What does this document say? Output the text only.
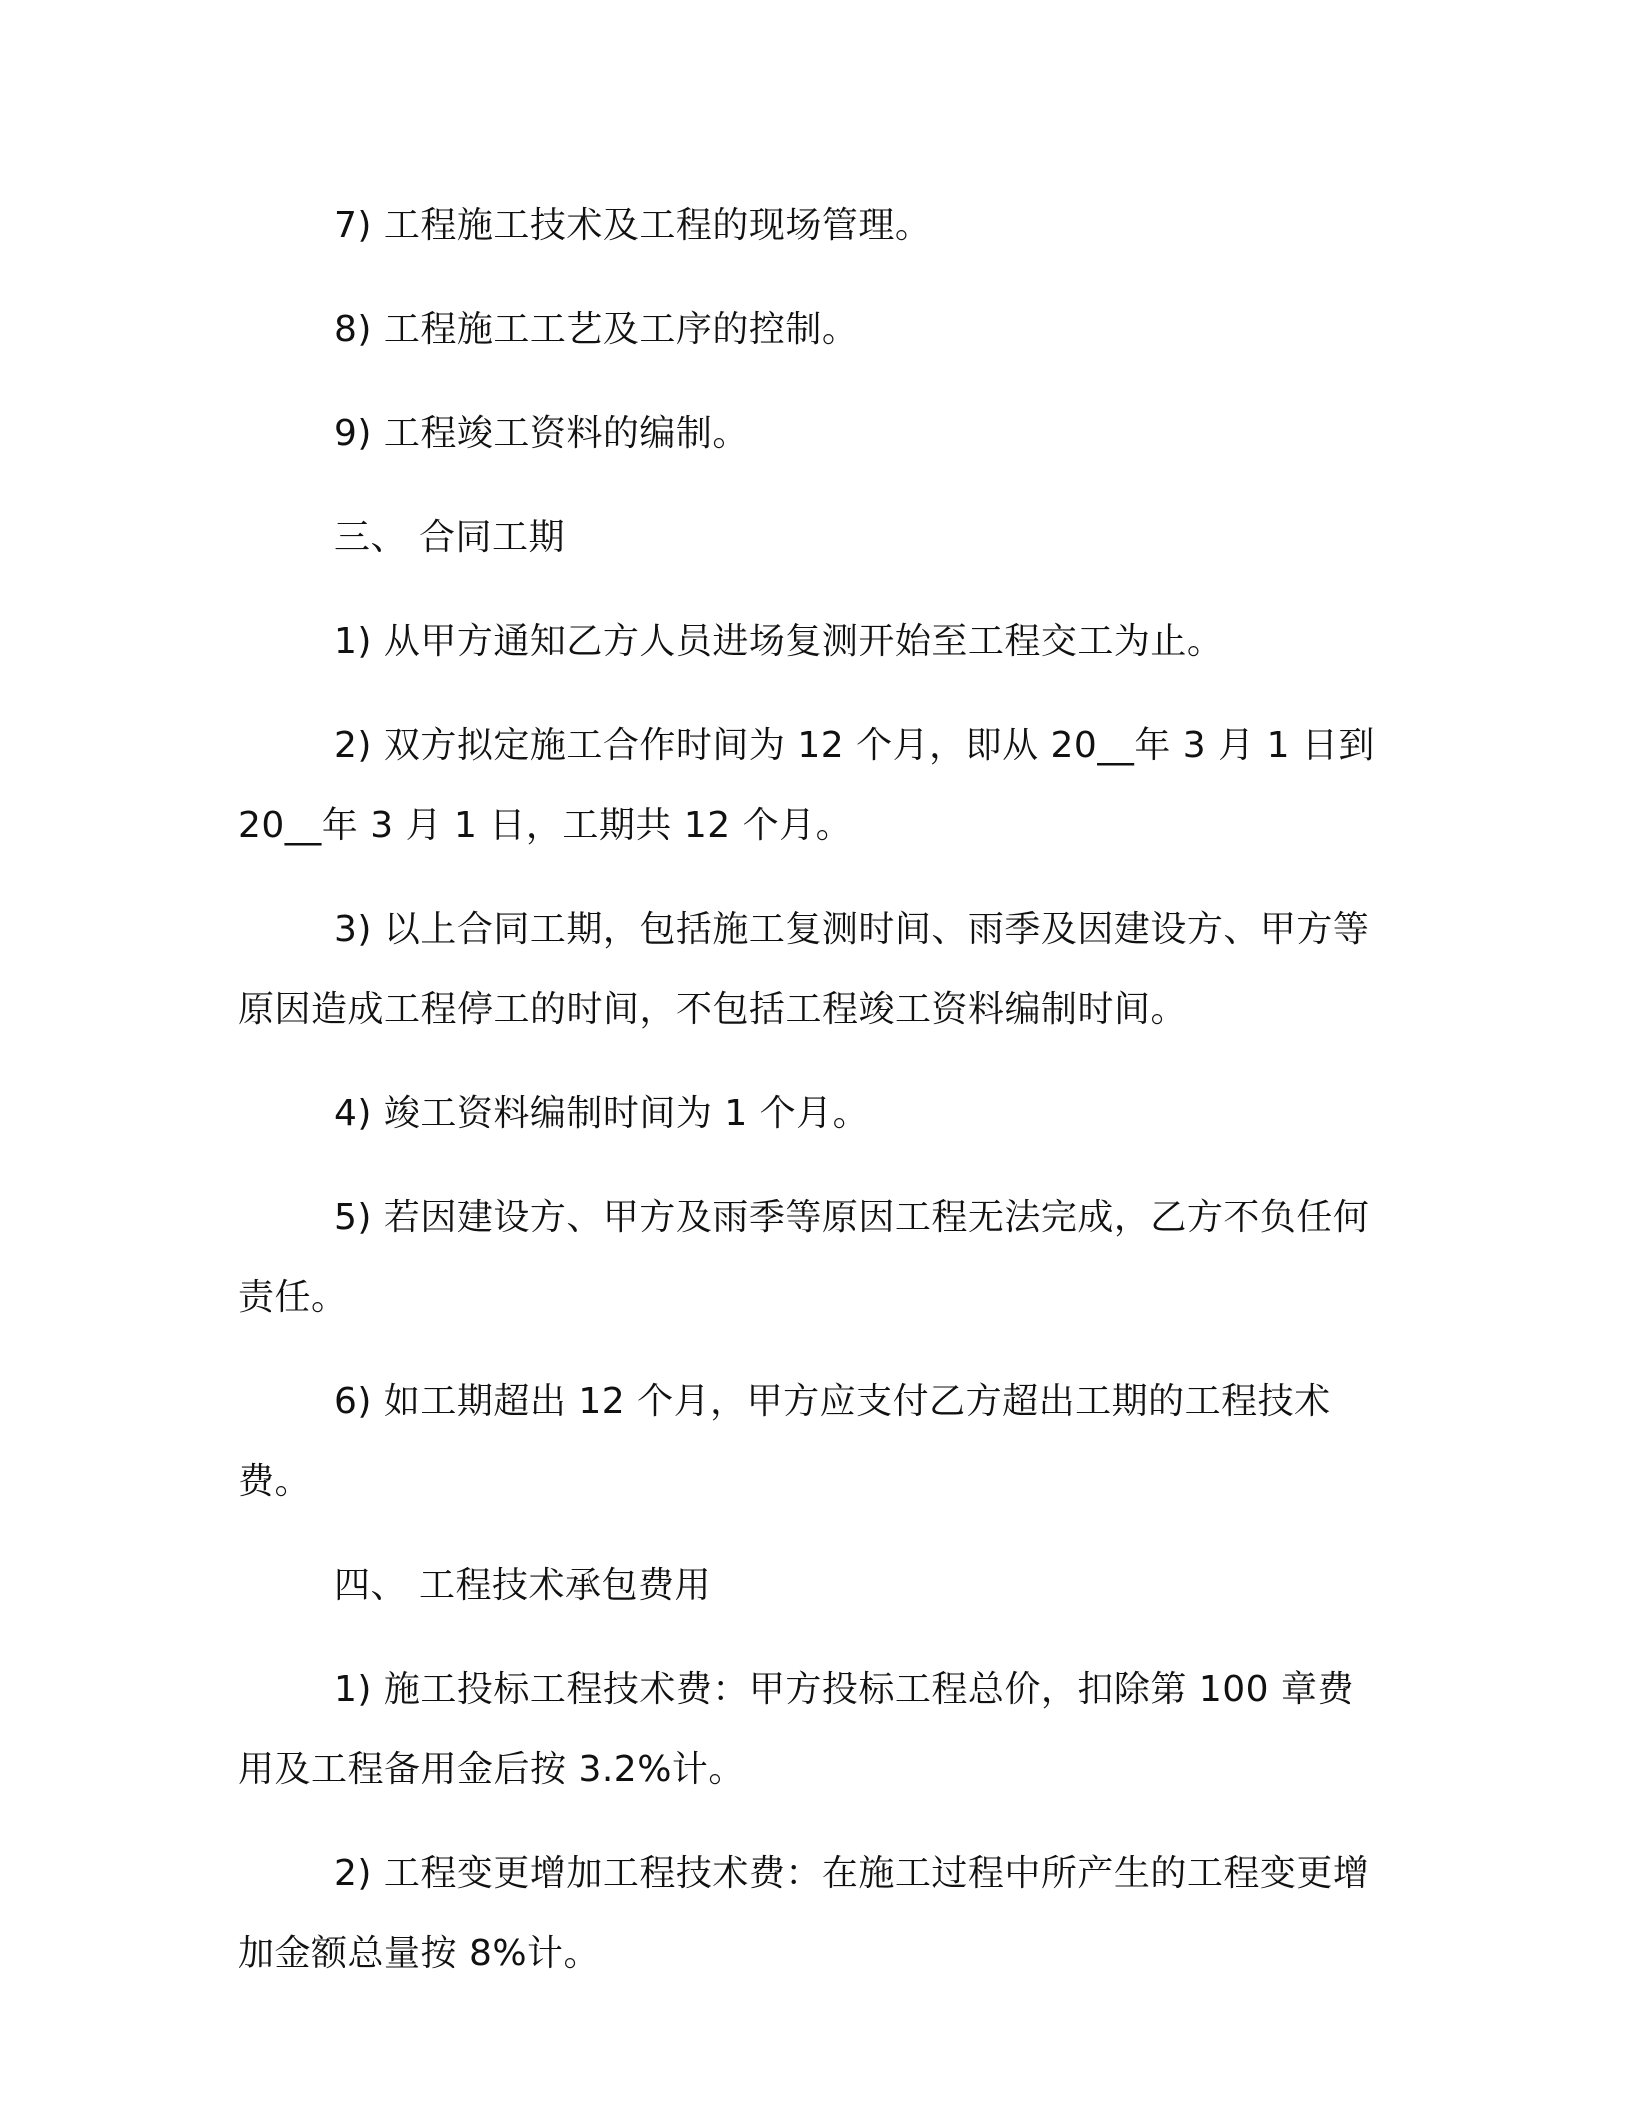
7) 工程施工技术及工程的现场管理。

8) 工程施工工艺及工序的控制。

9) 工程竣工资料的编制。

三、 合同工期

1) 从甲方通知乙方人员进场复测开始至工程交工为止。

2) 双方拟定施工合作时间为 12 个月，即从 20__年 3 月 1 日到 20__年 3 月 1 日，工期共 12 个月。

3) 以上合同工期，包括施工复测时间、雨季及因建设方、甲方等原因造成工程停工的时间，不包括工程竣工资料编制时间。

4) 竣工资料编制时间为 1 个月。

5) 若因建设方、甲方及雨季等原因工程无法完成，乙方不负任何责任。

6) 如工期超出 12 个月，甲方应支付乙方超出工期的工程技术费。

四、 工程技术承包费用

1) 施工投标工程技术费：甲方投标工程总价，扣除第 100 章费用及工程备用金后按 3.2%计。

2) 工程变更增加工程技术费：在施工过程中所产生的工程变更增加金额总量按 8%计。
